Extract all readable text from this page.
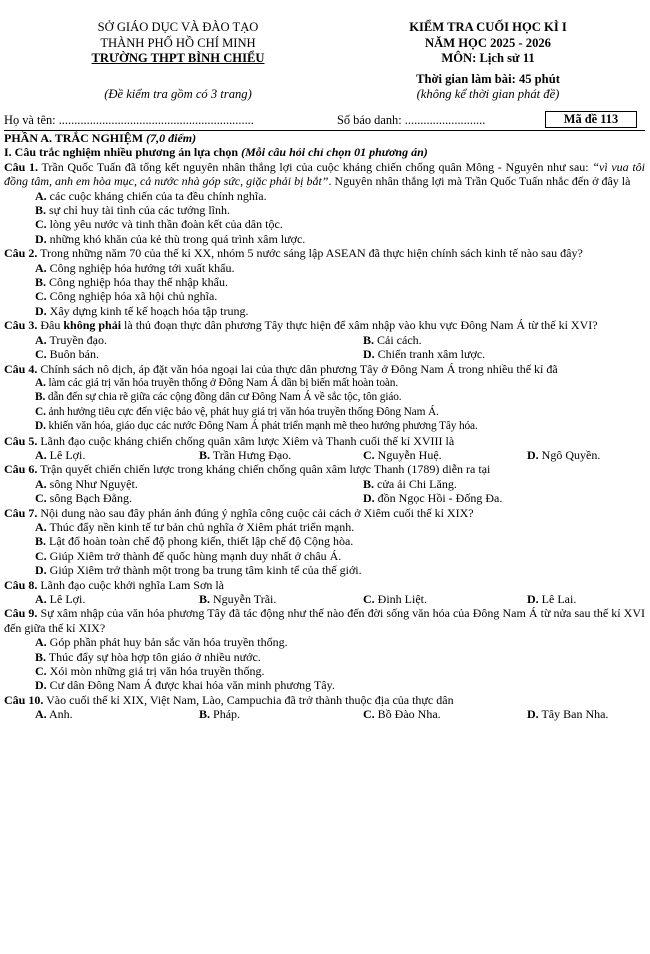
SỞ GIÁO DỤC VÀ ĐÀO TẠO
THÀNH PHỐ HỒ CHÍ MINH
TRƯỜNG THPT BÌNH CHIỂU
(Đề kiểm tra gồm có 3 trang)
KIỂM TRA CUỐI HỌC KÌ I
NĂM HỌC 2025 - 2026
MÔN: Lịch sử 11
Thời gian làm bài: 45 phút
(không kể thời gian phát đề)
Họ và tên: ...............................................................	Số báo danh: ..........................	Mã đề 113
PHẦN A. TRẮC NGHIỆM (7,0 điểm)
I. Câu trắc nghiệm nhiều phương án lựa chọn (Mỗi câu hỏi chỉ chọn 01 phương án)
Câu 1. Trần Quốc Tuấn đã tổng kết nguyên nhân thắng lợi của cuộc kháng chiến chống quân Mông - Nguyên như sau: “vì vua tôi đồng tâm, anh em hòa mục, cả nước nhà góp sức, giặc phải bị bắt”. Nguyên nhân thắng lợi mà Trần Quốc Tuấn nhắc đến ở đây là
A. các cuộc kháng chiến của ta đều chính nghĩa.
B. sự chỉ huy tài tình của các tướng lĩnh.
C. lòng yêu nước và tinh thần đoàn kết của dân tộc.
D. những khó khăn của kẻ thù trong quá trình xâm lược.
Câu 2. Trong những năm 70 của thế kỉ XX, nhóm 5 nước sáng lập ASEAN đã thực hiện chính sách kinh tế nào sau đây?
A. Công nghiệp hóa hướng tới xuất khẩu.
B. Công nghiệp hóa thay thế nhập khẩu.
C. Công nghiệp hóa xã hội chủ nghĩa.
D. Xây dựng kinh tế kế hoạch hóa tập trung.
Câu 3. Đâu không phải là thủ đoạn thực dân phương Tây thực hiện để xâm nhập vào khu vực Đông Nam Á từ thế kỉ XVI?
A. Truyền đạo.	B. Cải cách.
C. Buôn bán.	D. Chiến tranh xâm lược.
Câu 4. Chính sách nô dịch, áp đặt văn hóa ngoại lai của thực dân phương Tây ở Đông Nam Á trong nhiều thế kỉ đã
A. làm các giá trị văn hóa truyền thống ở Đông Nam Á dần bị biến mất hoàn toàn.
B. dẫn đến sự chia rẽ giữa các cộng đồng dân cư Đông Nam Á về sắc tộc, tôn giáo.
C. ảnh hưởng tiêu cực đến việc bảo vệ, phát huy giá trị văn hóa truyền thống Đông Nam Á.
D. khiến văn hóa, giáo dục các nước Đông Nam Á phát triển mạnh mẽ theo hướng phương Tây hóa.
Câu 5. Lãnh đạo cuộc kháng chiến chống quân xâm lược Xiêm và Thanh cuối thế kỉ XVIII là
A. Lê Lợi.	B. Trần Hưng Đạo.	C. Nguyễn Huệ.	D. Ngô Quyền.
Câu 6. Trận quyết chiến chiến lược trong kháng chiến chống quân xâm lược Thanh (1789) diễn ra tại
A. sông Như Nguyệt.	B. cửa ải Chi Lăng.
C. sông Bạch Đằng.	D. đồn Ngọc Hồi - Đống Đa.
Câu 7. Nội dung nào sau đây phản ánh đúng ý nghĩa công cuộc cải cách ở Xiêm cuối thế kỉ XIX?
A. Thúc đẩy nền kinh tế tư bản chủ nghĩa ở Xiêm phát triển mạnh.
B. Lật đổ hoàn toàn chế độ phong kiến, thiết lập chế độ Cộng hòa.
C. Giúp Xiêm trở thành đế quốc hùng mạnh duy nhất ở châu Á.
D. Giúp Xiêm trở thành một trong ba trung tâm kinh tế của thế giới.
Câu 8. Lãnh đạo cuộc khởi nghĩa Lam Sơn là
A. Lê Lợi.	B. Nguyễn Trãi.	C. Đinh Liệt.	D. Lê Lai.
Câu 9. Sự xâm nhập của văn hóa phương Tây đã tác động như thế nào đến đời sống văn hóa của Đông Nam Á từ nửa sau thế kỉ XVI đến giữa thế kỉ XIX?
A. Góp phần phát huy bản sắc văn hóa truyền thống.
B. Thúc đẩy sự hòa hợp tôn giáo ở nhiều nước.
C. Xói mòn những giá trị văn hóa truyền thống.
D. Cư dân Đông Nam Á được khai hóa văn minh phương Tây.
Câu 10. Vào cuối thế kỉ XIX, Việt Nam, Lào, Campuchia đã trở thành thuộc địa của thực dân
A. Anh.	B. Pháp.	C. Bồ Đào Nha.	D. Tây Ban Nha.
